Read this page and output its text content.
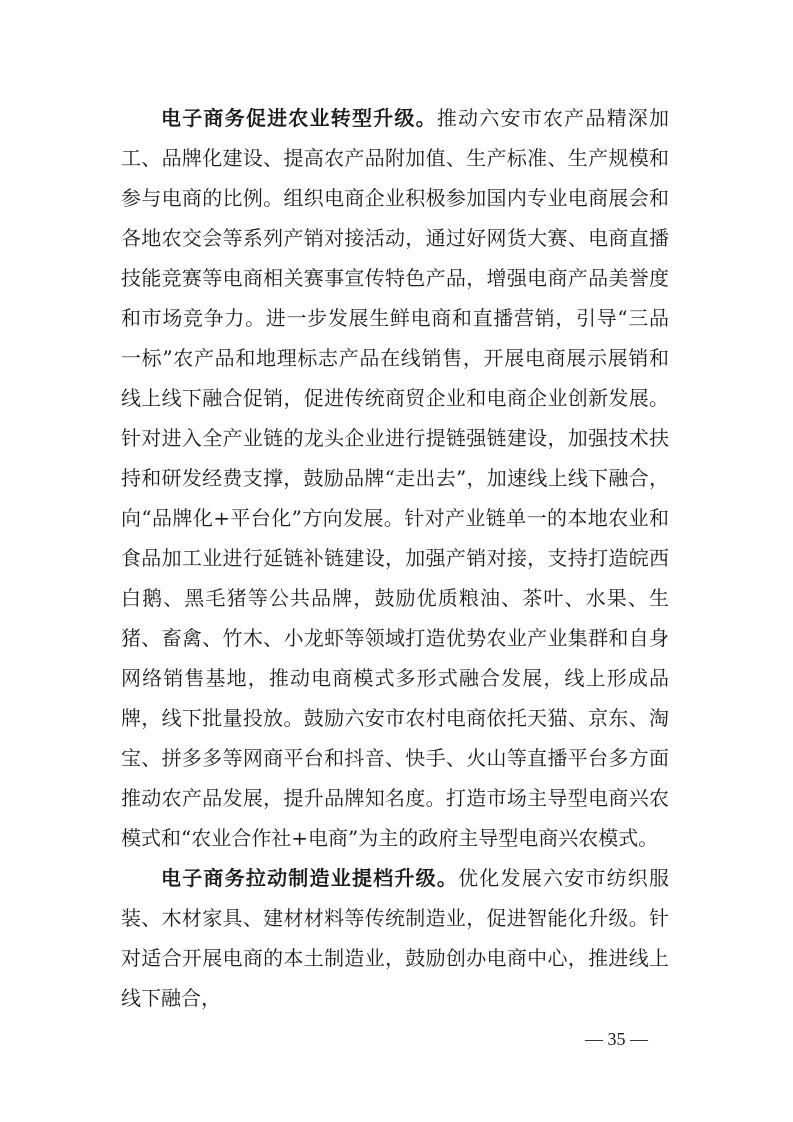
电子商务促进农业转型升级。推动六安市农产品精深加工、品牌化建设、提高农产品附加值、生产标准、生产规模和参与电商的比例。组织电商企业积极参加国内专业电商展会和各地农交会等系列产销对接活动，通过好网货大赛、电商直播技能竞赛等电商相关赛事宣传特色产品，增强电商产品美誉度和市场竞争力。进一步发展生鲜电商和直播营销，引导“三品一标”农产品和地理标志产品在线销售，开展电商展示展销和线上线下融合促销，促进传统商贸企业和电商企业创新发展。针对进入全产业链的龙头企业进行提链强链建设，加强技术扶持和研发经费支撑，鼓励品牌“走出去”，加速线上线下融合，向“品牌化+平台化”方向发展。针对产业链单一的本地农业和食品加工业进行延链补链建设，加强产销对接，支持打造皖西白鹅、黑毛猪等公共品牌，鼓励优质粮油、茶叶、水果、生猪、畜禽、竹木、小龙虾等领域打造优势农业产业集群和自身网络销售基地，推动电商模式多形式融合发展，线上形成品牌，线下批量投放。鼓励六安市农村电商依托天猫、京东、淘宝、拼多多等网商平台和抖音、快手、火山等直播平台多方面推动农产品发展，提升品牌知名度。打造市场主导型电商兴农模式和“农业合作社+电商”为主的政府主导型电商兴农模式。

电子商务拉动制造业提档升级。优化发展六安市纺织服装、木材家具、建材材料等传统制造业，促进智能化升级。针对适合开展电商的本土制造业，鼓励创办电商中心，推进线上线下融合，

— 35 —
